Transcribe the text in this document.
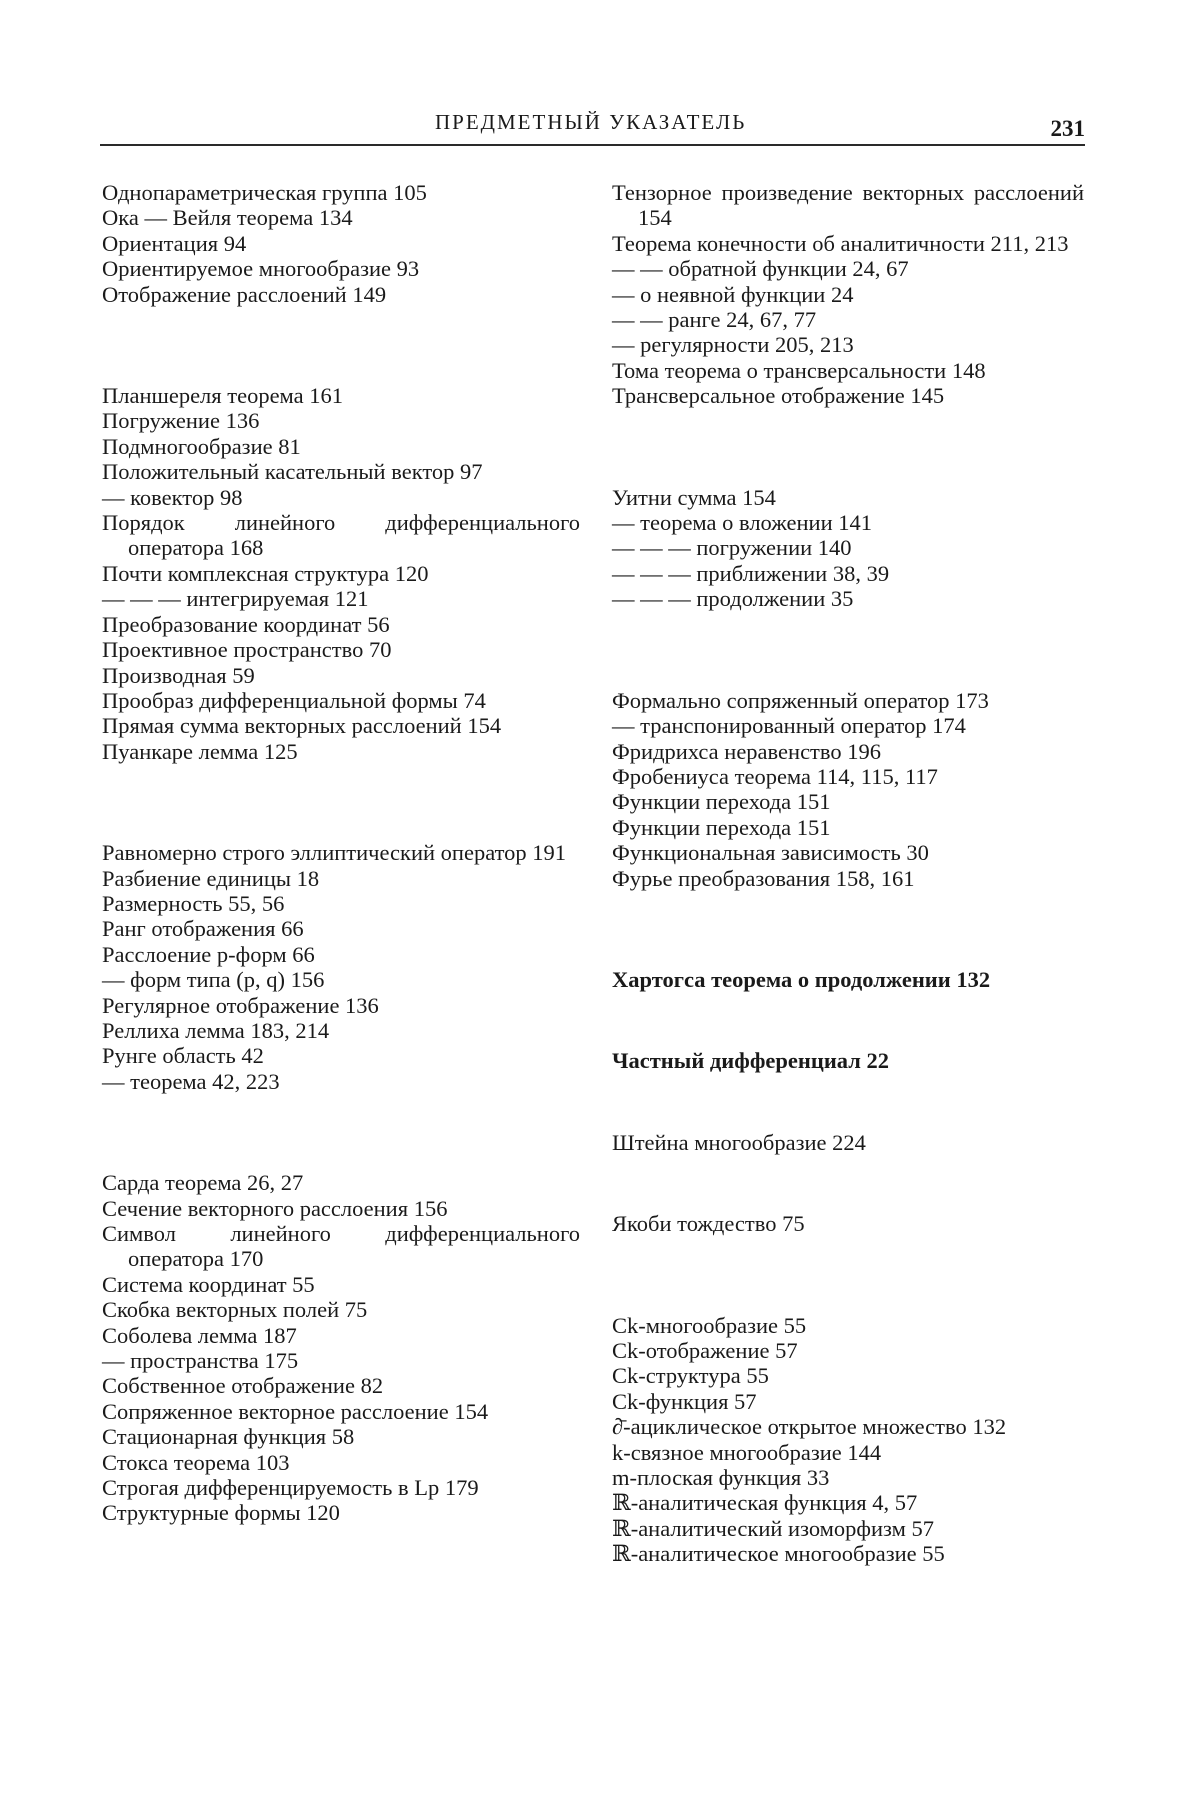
ПРЕДМЕТНЫЙ УКАЗАТЕЛЬ	231
Однопараметрическая группа 105
Ока — Вейля теорема 134
Ориентация 94
Ориентируемое многообразие 93
Отображение расслоений 149
Планшереля теорема 161
Погружение 136
Подмногообразие 81
Положительный касательный вектор 97
— ковектор 98
Порядок линейного дифференциального оператора 168
Почти комплексная структура 120
— — — интегрируемая 121
Преобразование координат 56
Проективное пространство 70
Производная 59
Прообраз дифференциальной формы 74
Прямая сумма векторных расслоений 154
Пуанкаре лемма 125
Равномерно строго эллиптический оператор 191
Разбиение единицы 18
Размерность 55, 56
Ранг отображения 66
Расслоение p-форм 66
— форм типа (p, q) 156
Регулярное отображение 136
Реллиха лемма 183, 214
Рунге область 42
— теорема 42, 223
Сарда теорема 26, 27
Сечение векторного расслоения 156
Символ линейного дифференциального оператора 170
Система координат 55
Скобка векторных полей 75
Соболева лемма 187
— пространства 175
Собственное отображение 82
Сопряженное векторное расслоение 154
Стационарная функция 58
Стокса теорема 103
Строгая дифференцируемость в Lp 179
Структурные формы 120
Тензорное произведение векторных расслоений 154
Теорема конечности об аналитичности 211, 213
— — обратной функции 24, 67
— о неявной функции 24
— — ранге 24, 67, 77
— регулярности 205, 213
Тома теорема о трансверсальности 148
Трансверсальное отображение 145
Уитни сумма 154
— теорема о вложении 141
— — — погружении 140
— — — приближении 38, 39
— — — продолжении 35
Формально сопряженный оператор 173
— транспонированный оператор 174
Фридрихса неравенство 196
Фробениуса теорема 114, 115, 117
Функции перехода 151
Функции перехода 151
Функциональная зависимость 30
Фурье преобразования 158, 161
Хартогса теорема о продолжении 132
Частный дифференциал 22
Штейна многообразие 224
Якоби тождество 75
Ck-многообразие 55
Ck-отображение 57
Ck-структура 55
Ck-функция 57
∂̄-ациклическое открытое множество 132
k-связное многообразие 144
m-плоская функция 33
ℝ-аналитическая функция 4, 57
ℝ-аналитический изоморфизм 57
ℝ-аналитическое многообразие 55
